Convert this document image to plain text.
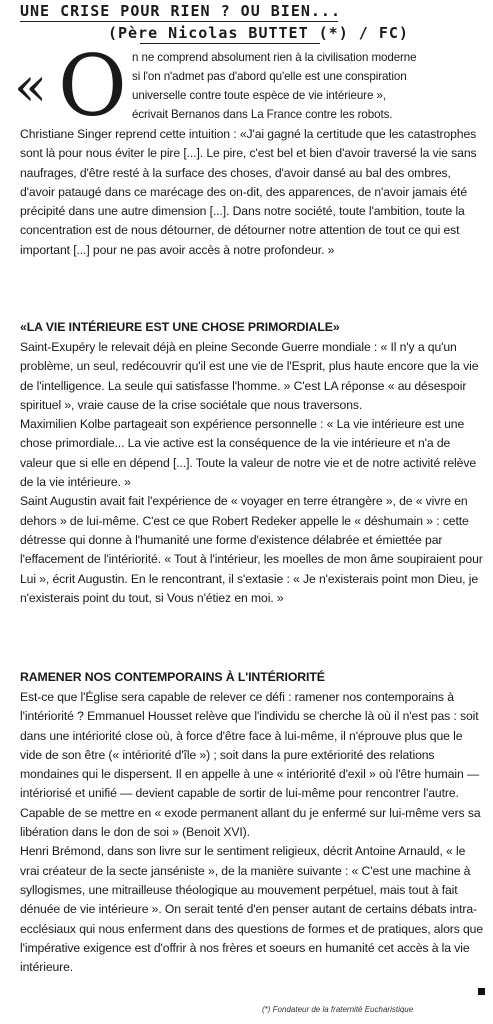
UNE CRISE POUR RIEN ? OU BIEN...
(Père Nicolas BUTTET (*) / FC)
« O n ne comprend absolument rien à la civilisation moderne

si l'on n'admet pas d'abord qu'elle est une conspiration

universelle contre toute espèce de vie intérieure »,

écrivait Bernanos dans La France contre les robots.

Christiane Singer reprend cette intuition : «J'ai gagné la certitude que les catastrophes sont là pour nous éviter le pire [...]. Le pire, c'est bel et bien d'avoir traversé la vie sans naufrages, d'être resté à la surface des choses, d'avoir dansé au bal des ombres, d'avoir pataugé dans ce marécage des on-dit, des apparences, de n'avoir jamais été précipité dans une autre dimension [...]. Dans notre société, toute l'ambition, toute la concentration est de nous détourner, de détourner notre attention de tout ce qui est important [...] pour ne pas avoir accès à notre profondeur. »

«LA VIE INTÉRIEURE EST UNE CHOSE PRIMORDIALE»

Saint-Exupéry le relevait déjà en pleine Seconde Guerre mondiale : « Il n'y a qu'un problème, un seul, redécouvrir qu'il est une vie de l'Esprit, plus haute encore que la vie de l'intelligence. La seule qui satisfasse l'homme. » C'est LA réponse « au désespoir spirituel », vraie cause de la crise sociétale que nous traversons.

Maximilien Kolbe partageait son expérience personnelle : « La vie intérieure est une chose primordiale... La vie active est la conséquence de la vie intérieure et n'a de valeur que si elle en dépend [...]. Toute la valeur de notre vie et de notre activité relève de la vie intérieure. »

Saint Augustin avait fait l'expérience de « voyager en terre étrangère », de « vivre en dehors » de lui-même. C'est ce que Robert Redeker appelle le « déshumain » : cette détresse qui donne à l'humanité une forme d'existence délabrée et émiettée par l'effacement de l'intériorité. « Tout à l'intérieur, les moelles de mon âme soupiraient pour Lui », écrit Augustin. En le rencontrant, il s'extasie : « Je n'existerais point mon Dieu, je n'existerais point du tout, si Vous n'étiez en moi. »

RAMENER NOS CONTEMPORAINS À L'INTÉRIORITÉ

Est-ce que l'Église sera capable de relever ce défi : ramener nos contemporains à l'intériorité ? Emmanuel Housset relève que l'individu se cherche là où il n'est pas : soit dans une intériorité close où, à force d'être face à lui-même, il n'éprouve plus que le vide de son être (« intériorité d'île ») ; soit dans la pure extériorité des relations mondaines qui le dispersent. Il en appelle à une « intériorité d'exil » où l'être humain — intériorisé et unifié — devient capable de sortir de lui-même pour rencontrer l'autre. Capable de se mettre en « exode permanent allant du je enfermé sur lui-même vers sa libération dans le don de soi » (Benoit XVI).

Henri Brémond, dans son livre sur le sentiment religieux, décrit Antoine Arnauld, « le vrai créateur de la secte janséniste », de la manière suivante : « C'est une machine à syllogismes, une mitrailleuse théologique au mouvement perpétuel, mais tout à fait dénuée de vie intérieure ». On serait tenté d'en penser autant de certains débats intra-ecclésiaux qui nous enferment dans des questions de formes et de pratiques, alors que l'impérative exigence est d'offrir à nos frères et soeurs en humanité cet accès à la vie intérieure.

(*) Fondateur de la fraternité Eucharistique
